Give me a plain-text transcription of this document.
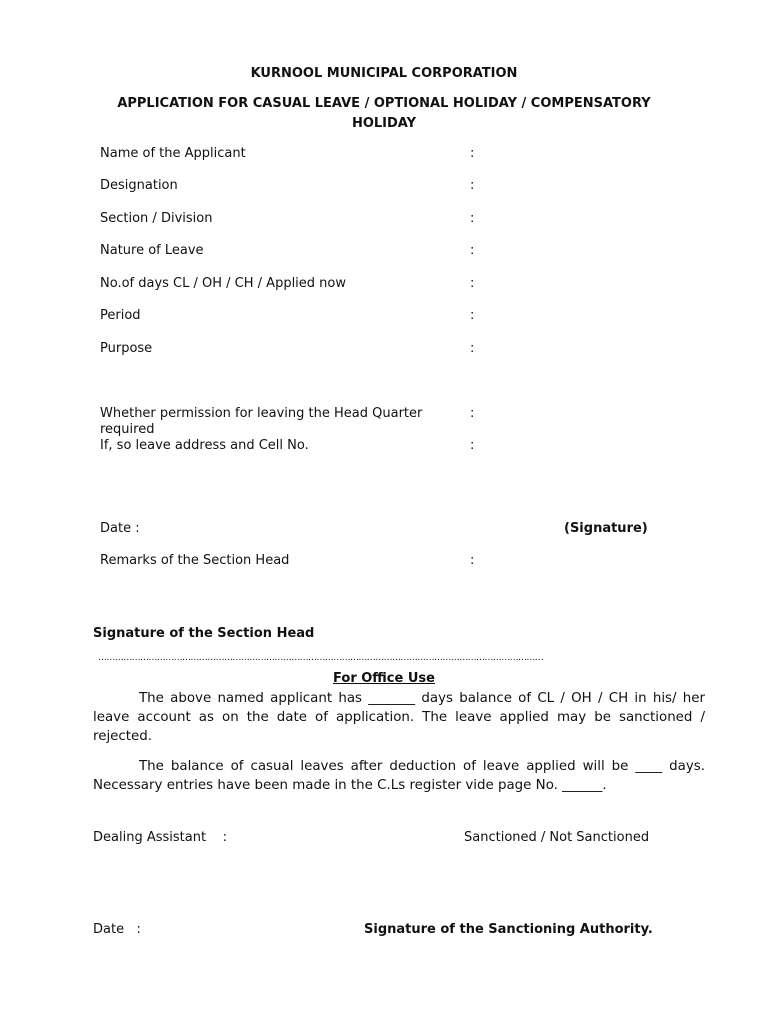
KURNOOL MUNICIPAL CORPORATION
APPLICATION FOR CASUAL LEAVE / OPTIONAL HOLIDAY / COMPENSATORY
HOLIDAY
Name of the Applicant	:
Designation	:
Section / Division	:
Nature of Leave	:
No.of days CL / OH / CH / Applied now	:
Period	:
Purpose	:
Whether permission for leaving the Head Quarter	:
required
If, so leave address and Cell No.	:
Date :	(Signature)
Remarks of the Section Head	:
Signature of the Section Head
……………………………………………………………………………………………………………………………………………
For Office Use
The above named applicant has _______ days balance of CL / OH / CH in his/ her leave account as on the date of application. The leave applied may be sanctioned / rejected.
The balance of casual leaves after deduction of leave applied will be ____ days. Necessary entries have been made in the C.Ls register vide page No. ______.
Dealing Assistant    :	Sanctioned / Not Sanctioned
Date   :	Signature of the Sanctioning Authority.
